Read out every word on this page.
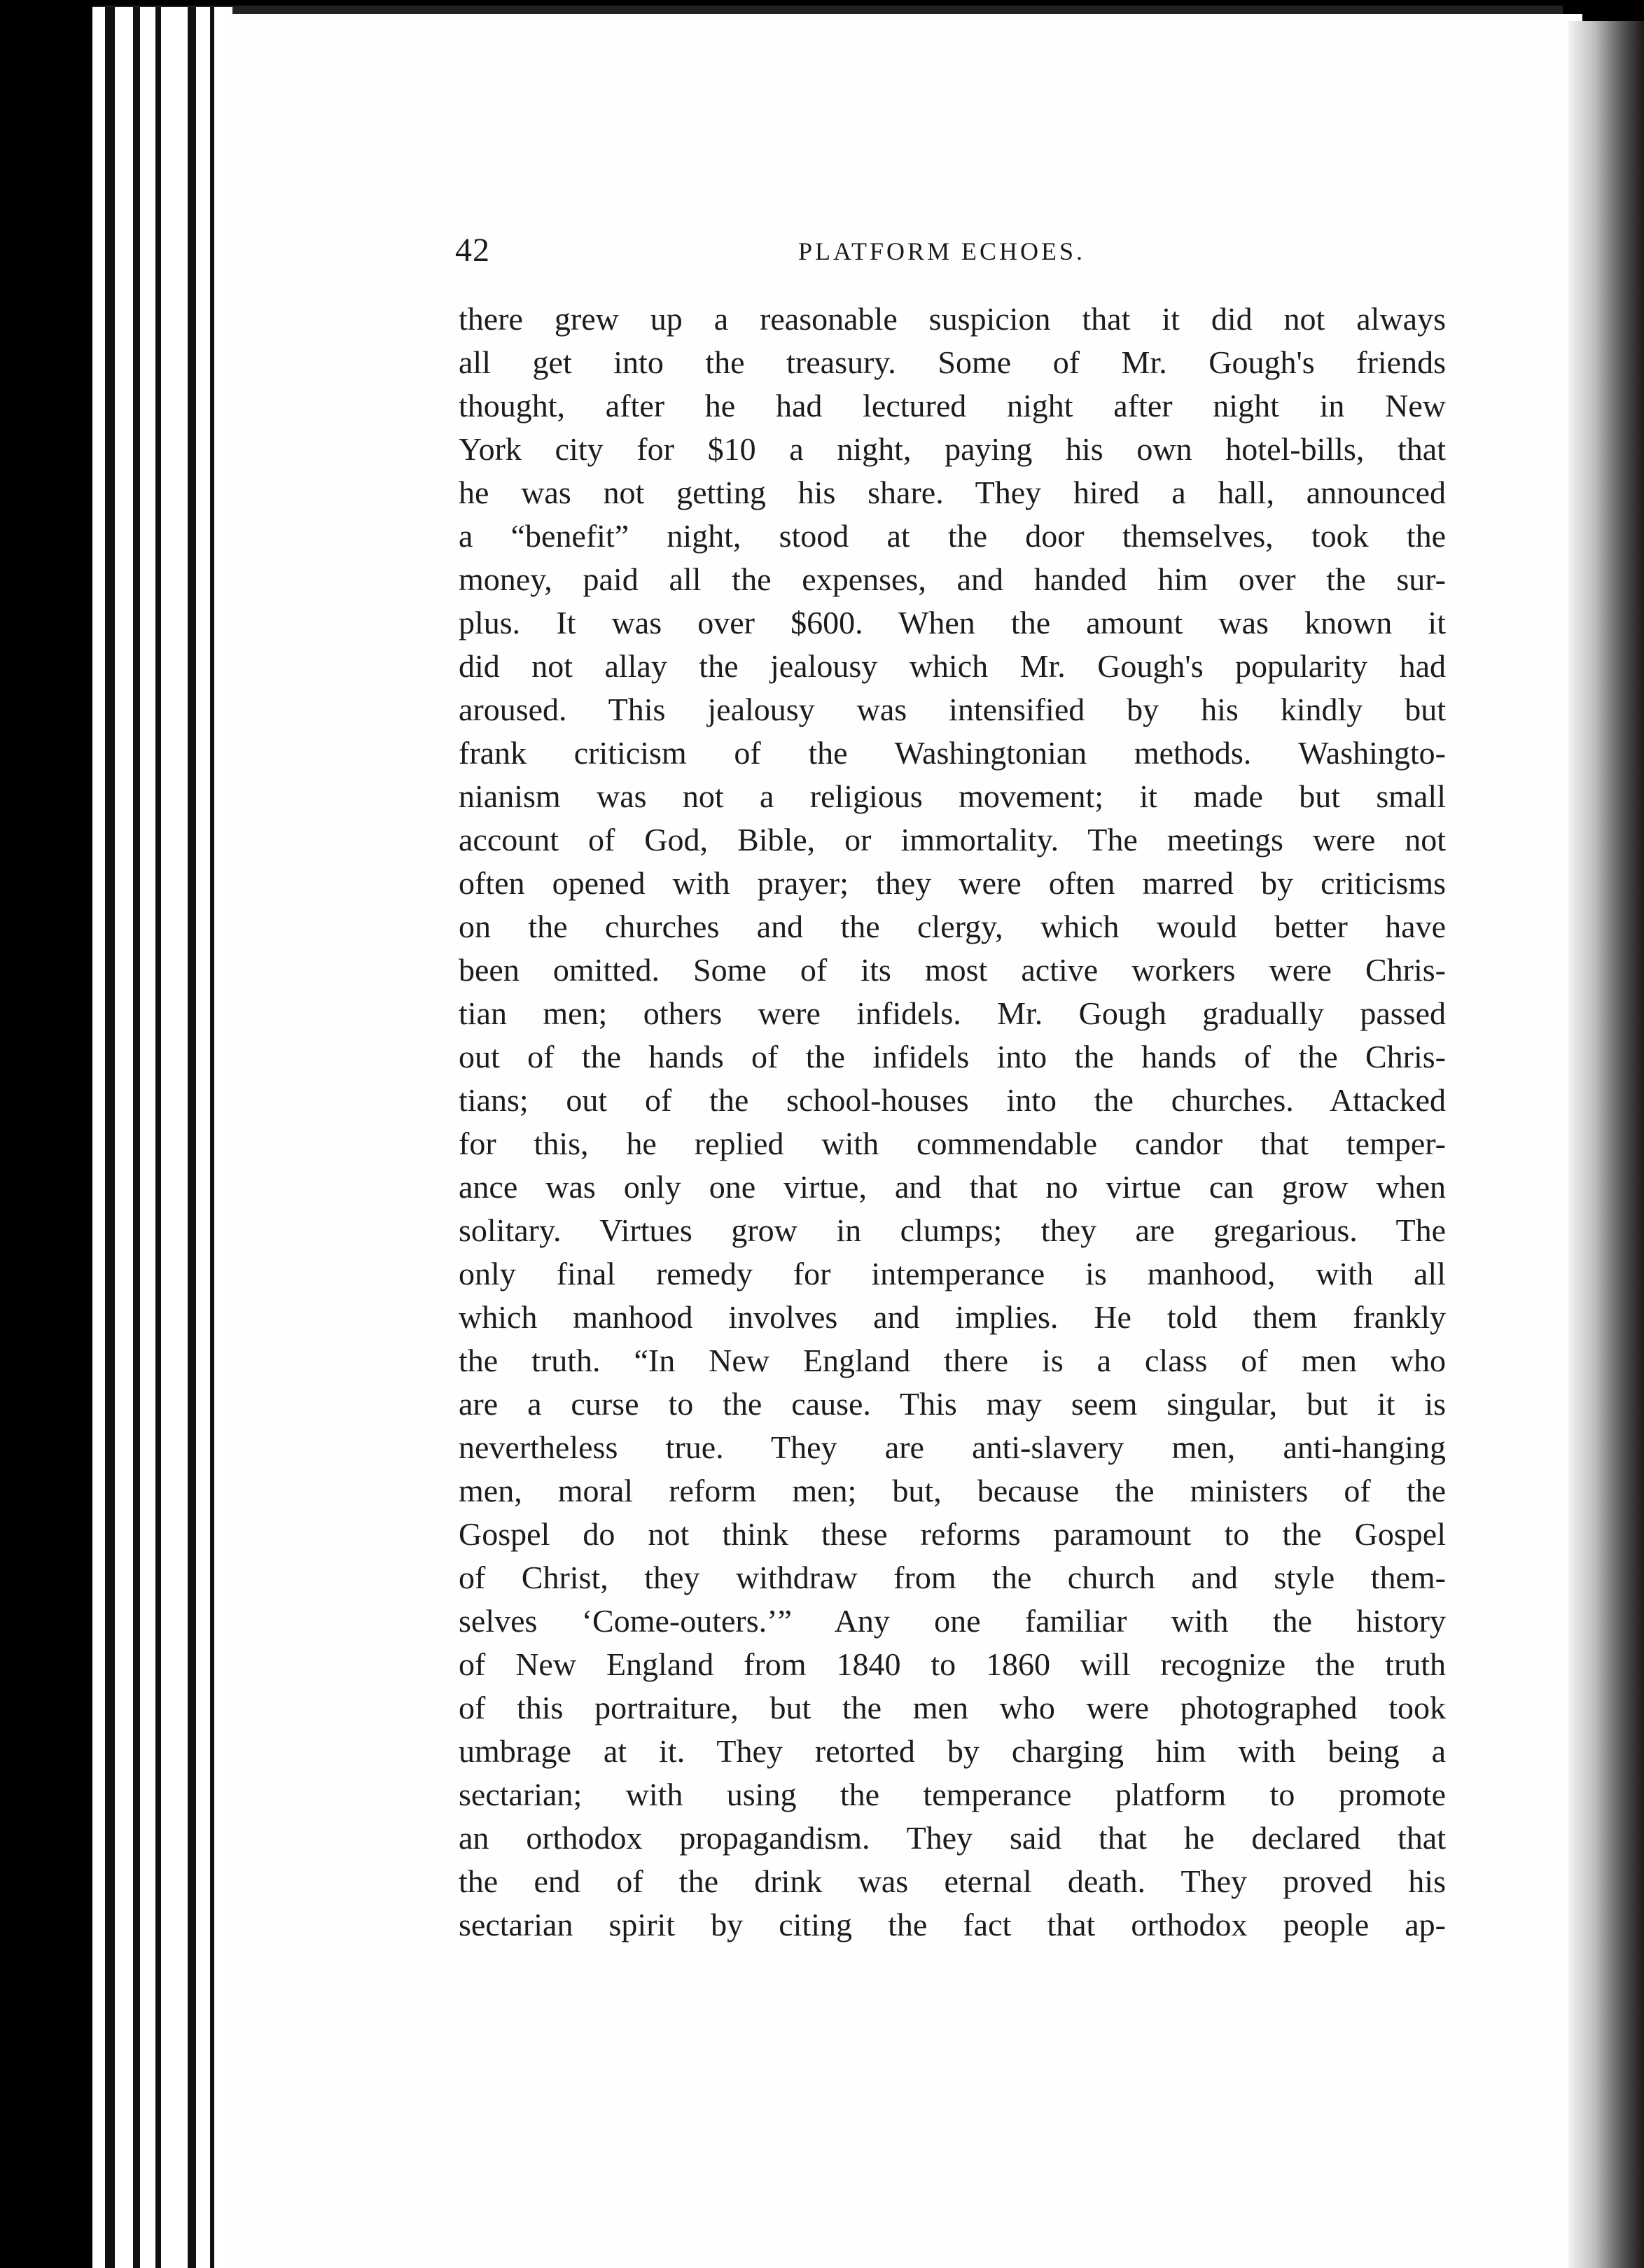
42	PLATFORM ECHOES.
there grew up a reasonable suspicion that it did not always
all get into the treasury. Some of Mr. Gough's friends
thought, after he had lectured night after night in New
York city for $10 a night, paying his own hotel-bills, that
he was not getting his share. They hired a hall, announced
a “benefit” night, stood at the door themselves, took the
money, paid all the expenses, and handed him over the sur-
plus. It was over $600. When the amount was known it
did not allay the jealousy which Mr. Gough's popularity had
aroused. This jealousy was intensified by his kindly but
frank criticism of the Washingtonian methods. Washingto-
nianism was not a religious movement; it made but small
account of God, Bible, or immortality. The meetings were not
often opened with prayer; they were often marred by criticisms
on the churches and the clergy, which would better have
been omitted. Some of its most active workers were Chris-
tian men; others were infidels. Mr. Gough gradually passed
out of the hands of the infidels into the hands of the Chris-
tians; out of the school-houses into the churches. Attacked
for this, he replied with commendable candor that temper-
ance was only one virtue, and that no virtue can grow when
solitary. Virtues grow in clumps; they are gregarious. The
only final remedy for intemperance is manhood, with all
which manhood involves and implies. He told them frankly
the truth. “In New England there is a class of men who
are a curse to the cause. This may seem singular, but it is
nevertheless true. They are anti-slavery men, anti-hanging
men, moral reform men; but, because the ministers of the
Gospel do not think these reforms paramount to the Gospel
of Christ, they withdraw from the church and style them-
selves ‘Come-outers.’” Any one familiar with the history
of New England from 1840 to 1860 will recognize the truth
of this portraiture, but the men who were photographed took
umbrage at it. They retorted by charging him with being a
sectarian; with using the temperance platform to promote
an orthodox propagandism. They said that he declared that
the end of the drink was eternal death. They proved his
sectarian spirit by citing the fact that orthodox people ap-
